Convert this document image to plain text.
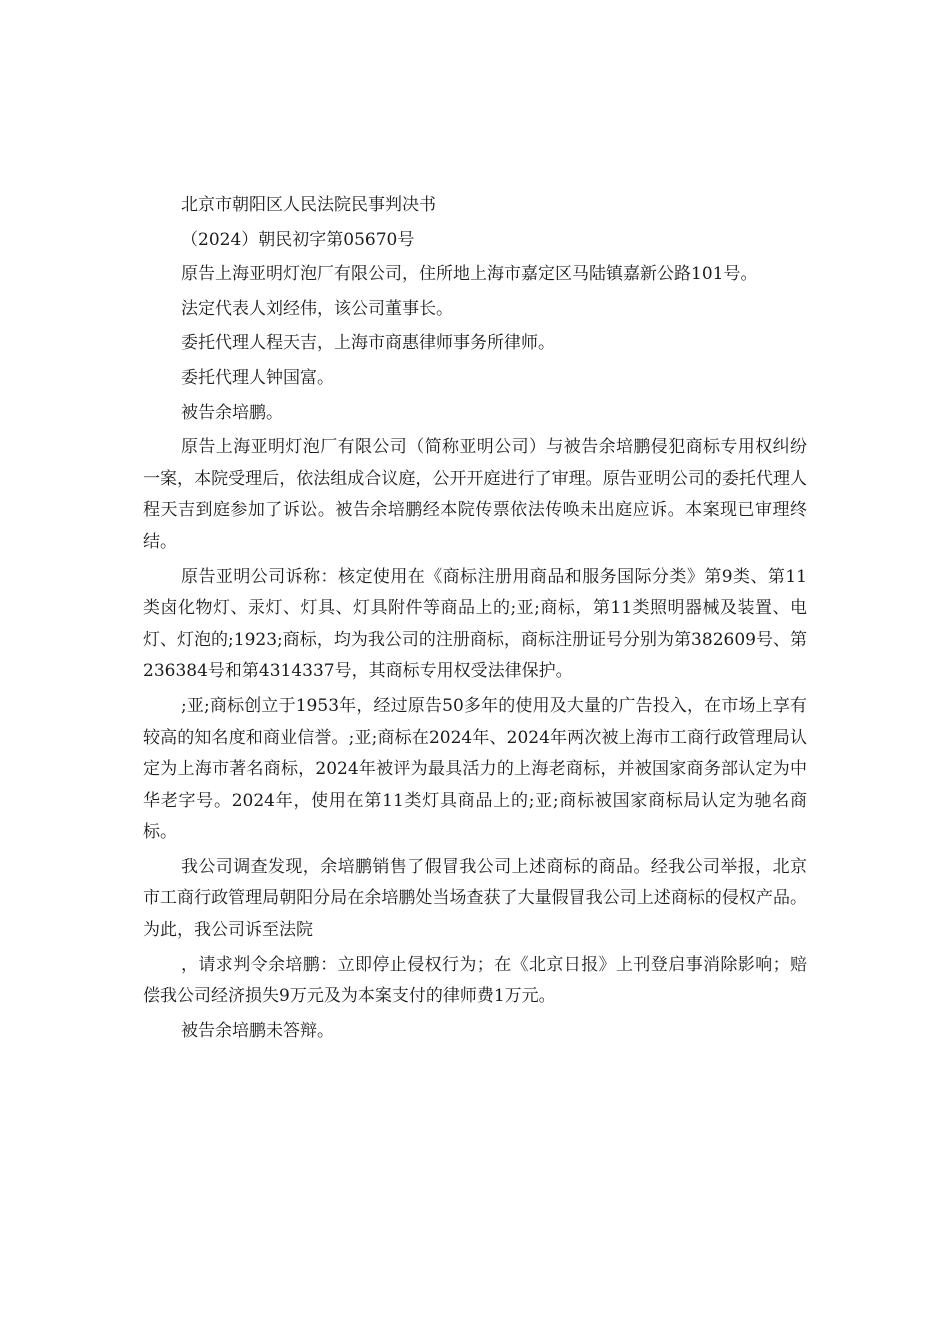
北京市朝阳区人民法院民事判决书

（2024）朝民初字第05670号

原告上海亚明灯泡厂有限公司，住所地上海市嘉定区马陆镇嘉新公路101号。

法定代表人刘经伟，该公司董事长。

委托代理人程天吉，上海市商惠律师事务所律师。

委托代理人钟国富。

被告余培鹏。

原告上海亚明灯泡厂有限公司（简称亚明公司）与被告余培鹏侵犯商标专用权纠纷一案，本院受理后，依法组成合议庭，公开开庭进行了审理。原告亚明公司的委托代理人程天吉到庭参加了诉讼。被告余培鹏经本院传票依法传唤未出庭应诉。本案现已审理终结。

原告亚明公司诉称：核定使用在《商标注册用商品和服务国际分类》第9类、第11类卤化物灯、汞灯、灯具、灯具附件等商品上的;亚;商标，第11类照明器械及装置、电灯、灯泡的;1923;商标，均为我公司的注册商标，商标注册证号分别为第382609号、第236384号和第4314337号，其商标专用权受法律保护。

;亚;商标创立于1953年，经过原告50多年的使用及大量的广告投入，在市场上享有较高的知名度和商业信誉。;亚;商标在2024年、2024年两次被上海市工商行政管理局认定为上海市著名商标，2024年被评为最具活力的上海老商标，并被国家商务部认定为中华老字号。2024年，使用在第11类灯具商品上的;亚;商标被国家商标局认定为驰名商标。

我公司调查发现，余培鹏销售了假冒我公司上述商标的商品。经我公司举报，北京市工商行政管理局朝阳分局在余培鹏处当场查获了大量假冒我公司上述商标的侵权产品。为此，我公司诉至法院

，请求判令余培鹏：立即停止侵权行为；在《北京日报》上刊登启事消除影响；赔偿我公司经济损失9万元及为本案支付的律师费1万元。

被告余培鹏未答辩。
